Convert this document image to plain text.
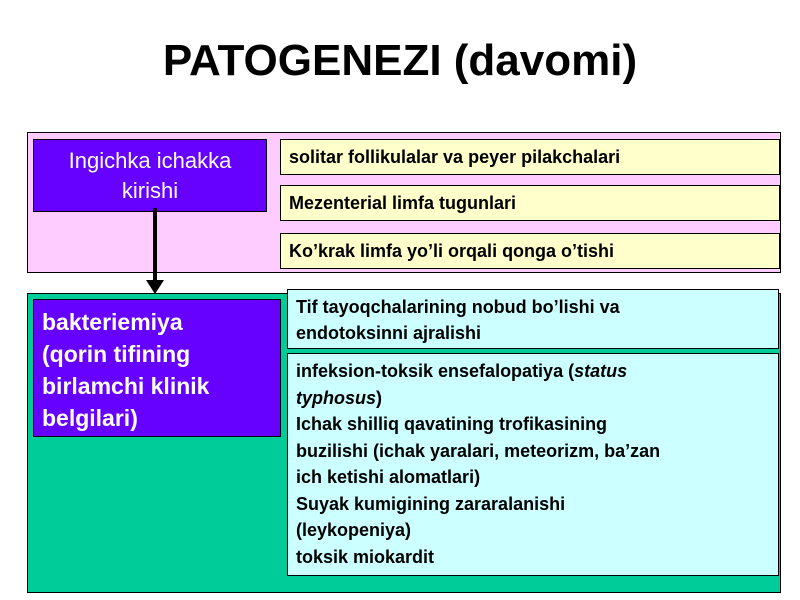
PATOGENEZI (davomi)
Ingichka ichakka
kirishi
solitar follikulalar va peyer pilakchalari
Mezenterial limfa tugunlari
Ko’krak limfa yo’li orqali qonga o’tishi
bakteriemiya
(qorin tifining
birlamchi klinik
belgilari)
Tif tayoqchalarining nobud bo’lishi va
endotoksinni ajralishi
infeksion-toksik ensefalopatiya (status
typhosus)
Ichak shilliq qavatining trofikasining
buzilishi (ichak yaralari, meteorizm, ba’zan
ich ketishi alomatlari)
Suyak kumigining zararalanishi
(leykopeniya)
toksik miokardit
